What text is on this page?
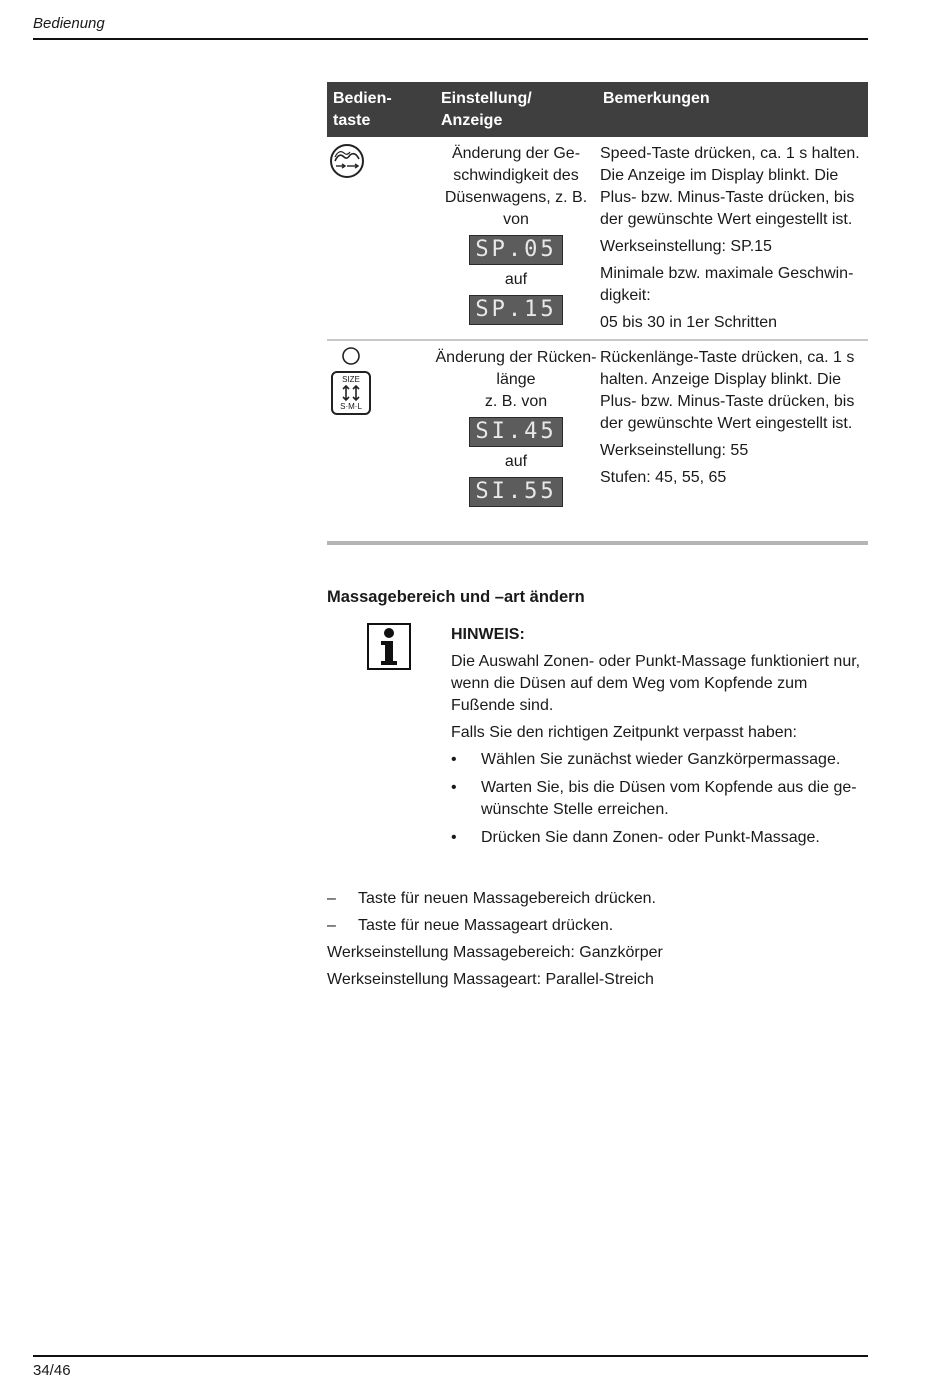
Bedienung
Bedien-
taste
Einstellung/
Anzeige
Bemerkungen
Änderung der Ge-
schwindigkeit des
Düsenwagens, z. B.
von
SP.05
auf
SP.15

Speed-Taste drücken, ca. 1 s halten. Die Anzeige im Display blinkt. Die Plus- bzw. Minus-Taste drücken, bis der gewünschte Wert eingestellt ist.

Werkseinstellung: SP.15

Minimale bzw. maximale Geschwin-digkeit:

05 bis 30 in 1er Schritten

SIZE
S·M·L
Änderung der Rücken-
länge
z. B. von
SI.45
auf
SI.55

Rückenlänge-Taste drücken, ca. 1 s halten. Anzeige Display blinkt. Die Plus- bzw. Minus-Taste drücken, bis der gewünschte Wert eingestellt ist.

Werkseinstellung: 55

Stufen: 45, 55, 65

Massagebereich und –art ändern

HINWEIS:

Die Auswahl Zonen- oder Punkt-Massage funktioniert nur, wenn die Düsen auf dem Weg vom Kopfende zum Fußende sind.

Falls Sie den richtigen Zeitpunkt verpasst haben:

• Wählen Sie zunächst wieder Ganzkörpermassage.
• Warten Sie, bis die Düsen vom Kopfende aus die ge-wünschte Stelle erreichen.
• Drücken Sie dann Zonen- oder Punkt-Massage.
– Taste für neuen Massagebereich drücken.
– Taste für neue Massageart drücken.

Werkseinstellung Massagebereich: Ganzkörper

Werkseinstellung Massageart: Parallel-Streich

34/46
